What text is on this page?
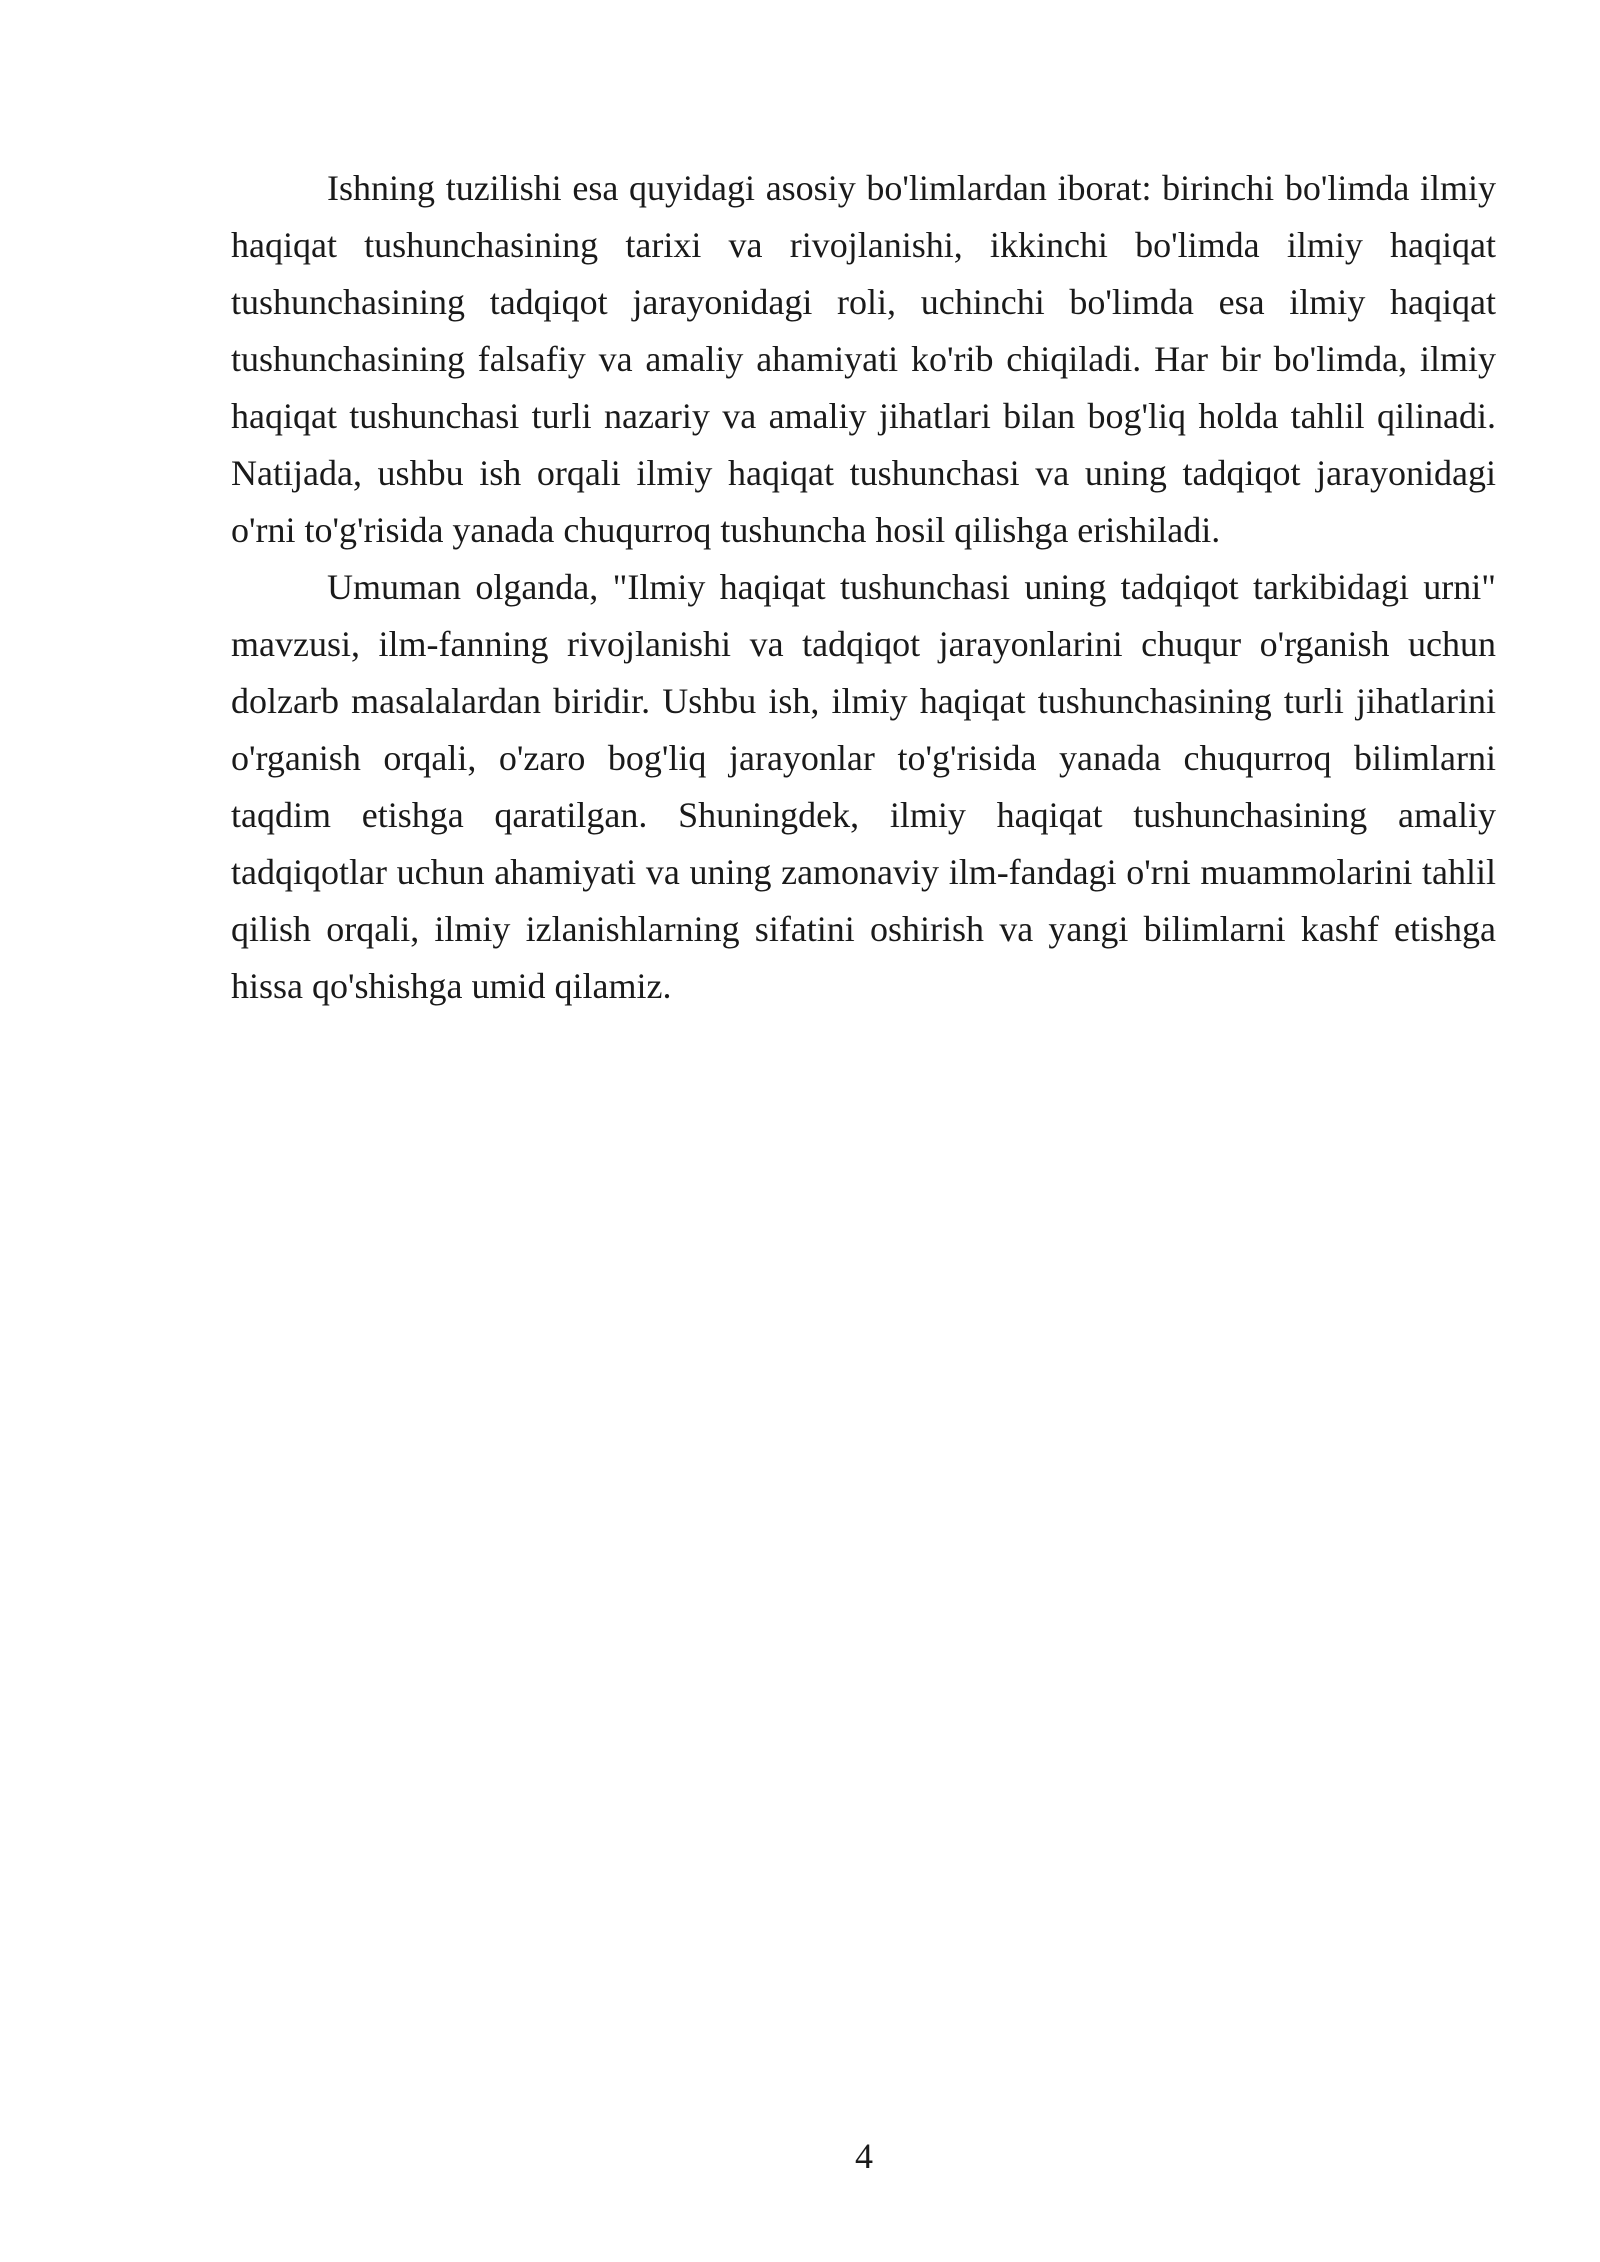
Ishning tuzilishi esa quyidagi asosiy bo'limlardan iborat: birinchi bo'limda ilmiy haqiqat tushunchasining tarixi va rivojlanishi, ikkinchi bo'limda ilmiy haqiqat tushunchasining tadqiqot jarayonidagi roli, uchinchi bo'limda esa ilmiy haqiqat tushunchasining falsafiy va amaliy ahamiyati ko'rib chiqiladi. Har bir bo'limda, ilmiy haqiqat tushunchasi turli nazariy va amaliy jihatlari bilan bog'liq holda tahlil qilinadi. Natijada, ushbu ish orqali ilmiy haqiqat tushunchasi va uning tadqiqot jarayonidagi o'rni to'g'risida yanada chuqurroq tushuncha hosil qilishga erishiladi.

Umuman olganda, "Ilmiy haqiqat tushunchasi uning tadqiqot tarkibidagi urni" mavzusi, ilm-fanning rivojlanishi va tadqiqot jarayonlarini chuqur o'rganish uchun dolzarb masalalardan biridir. Ushbu ish, ilmiy haqiqat tushunchasining turli jihatlarini o'rganish orqali, o'zaro bog'liq jarayonlar to'g'risida yanada chuqurroq bilimlarni taqdim etishga qaratilgan. Shuningdek, ilmiy haqiqat tushunchasining amaliy tadqiqotlar uchun ahamiyati va uning zamonaviy ilm-fandagi o'rni muammolarini tahlil qilish orqali, ilmiy izlanishlarning sifatini oshirish va yangi bilimlarni kashf etishga hissa qo'shishga umid qilamiz.

4
